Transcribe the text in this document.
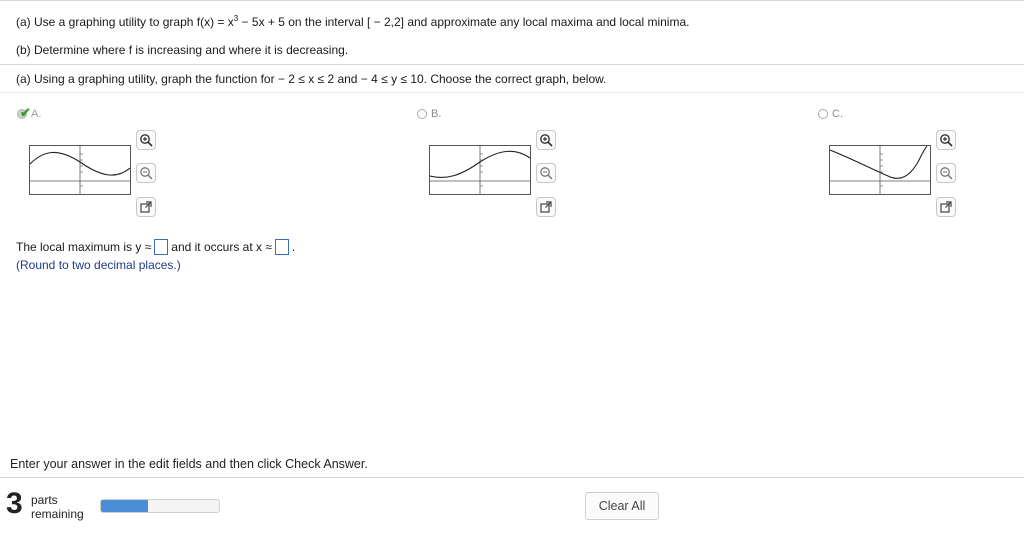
(a) Use a graphing utility to graph $f(x) = x^3 - 5x + 5$ on the interval [ − 2,2] and approximate any local maxima and local minima.
(b) Determine where f is increasing and where it is decreasing.
(a) Using a graphing utility, graph the function for − 2 ≤ x ≤ 2 and − 4 ≤ y ≤ 10. Choose the correct graph, below.
✔ A.	B.	C.
The local maximum is y ≈ and it occurs at x ≈ .
(Round to two decimal places.)
Enter your answer in the edit fields and then click Check Answer.
3 parts
remaining
Clear All
